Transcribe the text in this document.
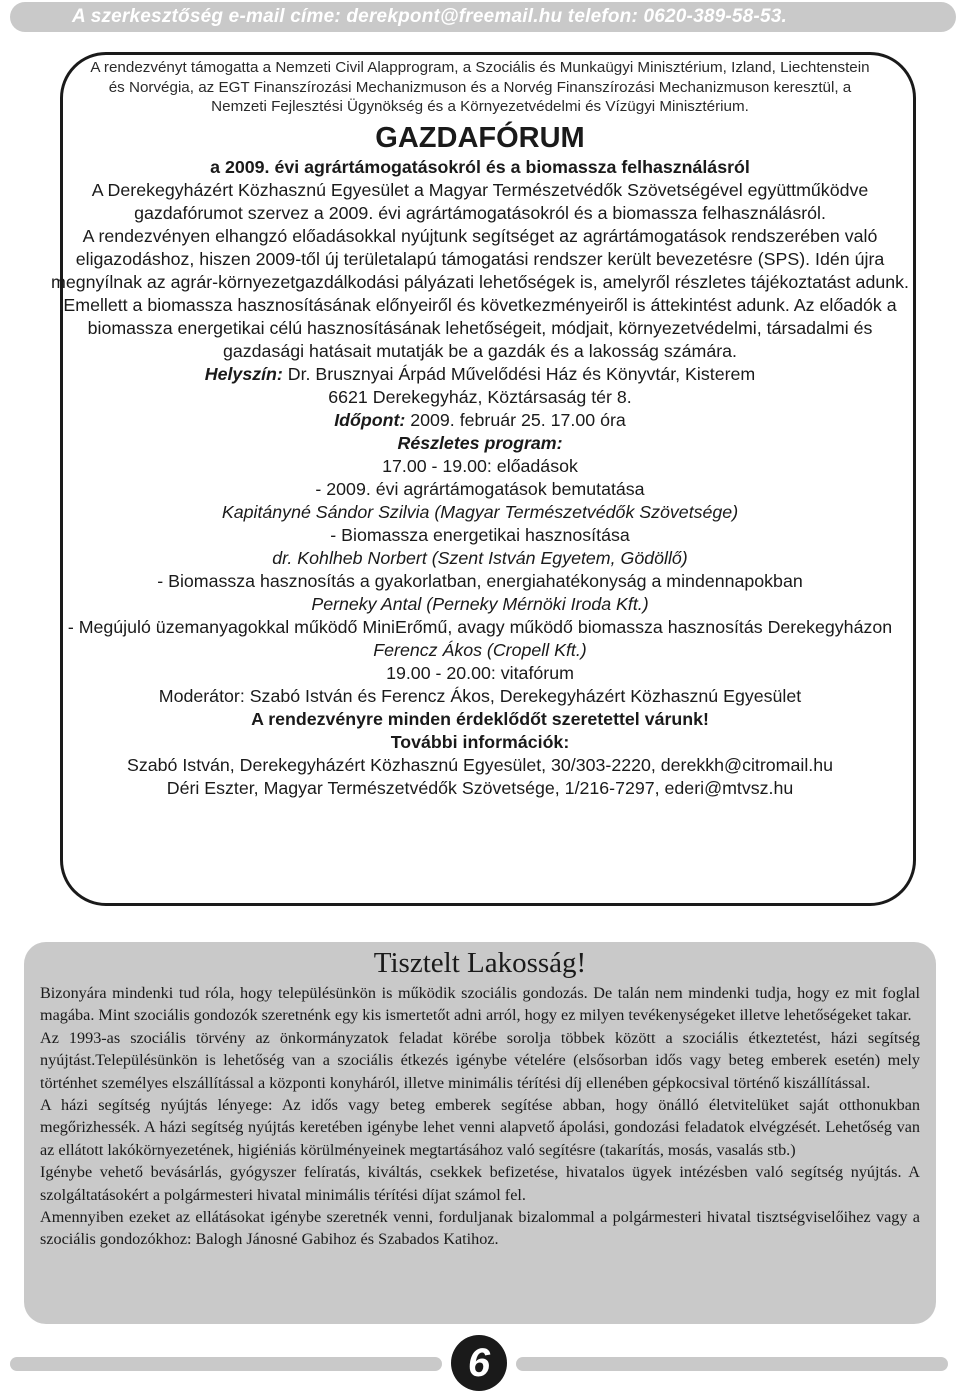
A szerkesztőség e-mail címe: derekpont@freemail.hu telefon: 0620-389-58-53.
A rendezvényt támogatta a Nemzeti Civil Alapprogram, a Szociális és Munkaügyi Minisztérium, Izland, Liechtenstein és Norvégia, az EGT Finanszírozási Mechanizmuson és a Norvég Finanszírozási Mechanizmuson keresztül, a Nemzeti Fejlesztési Ügynökség és a Környezetvédelmi és Vízügyi Minisztérium.
GAZDAFÓRUM

a 2009. évi agrártámogatásokról és a biomassza felhasználásról

A Derekegyházért Közhasznú Egyesület a Magyar Természetvédők Szövetségével együttműködve gazdafórumot szervez a 2009. évi agrártámogatásokról és a biomassza felhasználásról.

A rendezvényen elhangzó előadásokkal nyújtunk segítséget az agrártámogatások rendszerében való eligazodáshoz, hiszen 2009-től új területalapú támogatási rendszer került bevezetésre (SPS). Idén újra megnyílnak az agrár-környezetgazdálkodási pályázati lehetőségek is, amelyről részletes tájékoztatást adunk.

Emellett a biomassza hasznosításának előnyeiről és következményeiről is áttekintést adunk. Az előadók a biomassza energetikai célú hasznosításának lehetőségeit, módjait, környezetvédelmi, társadalmi és gazdasági hatásait mutatják be a gazdák és a lakosság számára.

Helyszín: Dr. Brusznyai Árpád Művelődési Ház és Könyvtár, Kisterem

6621 Derekegyház, Köztársaság tér 8.

Időpont: 2009. február 25. 17.00 óra

Részletes program:

17.00 - 19.00: előadások

- 2009. évi agrártámogatások bemutatása

Kapitányné Sándor Szilvia (Magyar Természetvédők Szövetsége)

- Biomassza energetikai hasznosítása

dr. Kohlheb Norbert (Szent István Egyetem, Gödöllő)

- Biomassza hasznosítás a gyakorlatban, energiahatékonyság a mindennapokban

Perneky Antal (Perneky Mérnöki Iroda Kft.)

- Megújuló üzemanyagokkal működő MiniErőmű, avagy működő biomassza hasznosítás Derekegyházon

Ferencz Ákos (Cropell Kft.)

19.00 - 20.00: vitafórum

Moderátor: Szabó István és Ferencz Ákos, Derekegyházért Közhasznú Egyesület

A rendezvényre minden érdeklődőt szeretettel várunk!

További információk:

Szabó István, Derekegyházért Közhasznú Egyesület, 30/303-2220, derekkh@citromail.hu

Déri Eszter, Magyar Természetvédők Szövetsége, 1/216-7297, ederi@mtvsz.hu

Tisztelt Lakosság!

Bizonyára mindenki tud róla, hogy településünkön is működik szociális gondozás. De talán nem mindenki tudja, hogy ez mit foglal magába. Mint szociális gondozók szeretnénk egy kis ismertetőt adni arról, hogy ez milyen tevékenységeket illetve lehetőségeket takar.

Az 1993-as szociális törvény az önkormányzatok feladat körébe sorolja többek között a szociális étkeztetést, házi segítség nyújtást.Településünkön is lehetőség van a szociális étkezés igénybe vételére (elsősorban idős vagy beteg emberek esetén) mely történhet személyes elszállítással a központi konyháról, illetve minimális térítési díj ellenében gépkocsival történő kiszállítással.

A házi segítség nyújtás lényege: Az idős vagy beteg emberek segítése abban, hogy önálló életvitelüket saját otthonukban megőrizhessék. A házi segítség nyújtás keretében igénybe lehet venni alapvető ápolási, gondozási feladatok elvégzését. Lehetőség van az ellátott lakókörnyezetének, higiéniás körülményeinek megtartásához való segítésre (takarítás, mosás, vasalás stb.)

Igénybe vehető bevásárlás, gyógyszer felíratás, kiváltás, csekkek befizetése, hivatalos ügyek intézésben való segítség nyújtás. A szolgáltatásokért a polgármesteri hivatal minimális térítési díjat számol fel.

Amennyiben ezeket az ellátásokat igénybe szeretnék venni, forduljanak bizalommal a polgármesteri hivatal tisztségviselőihez vagy a szociális gondozókhoz: Balogh Jánosné Gabihoz és Szabados Katihoz.

6
